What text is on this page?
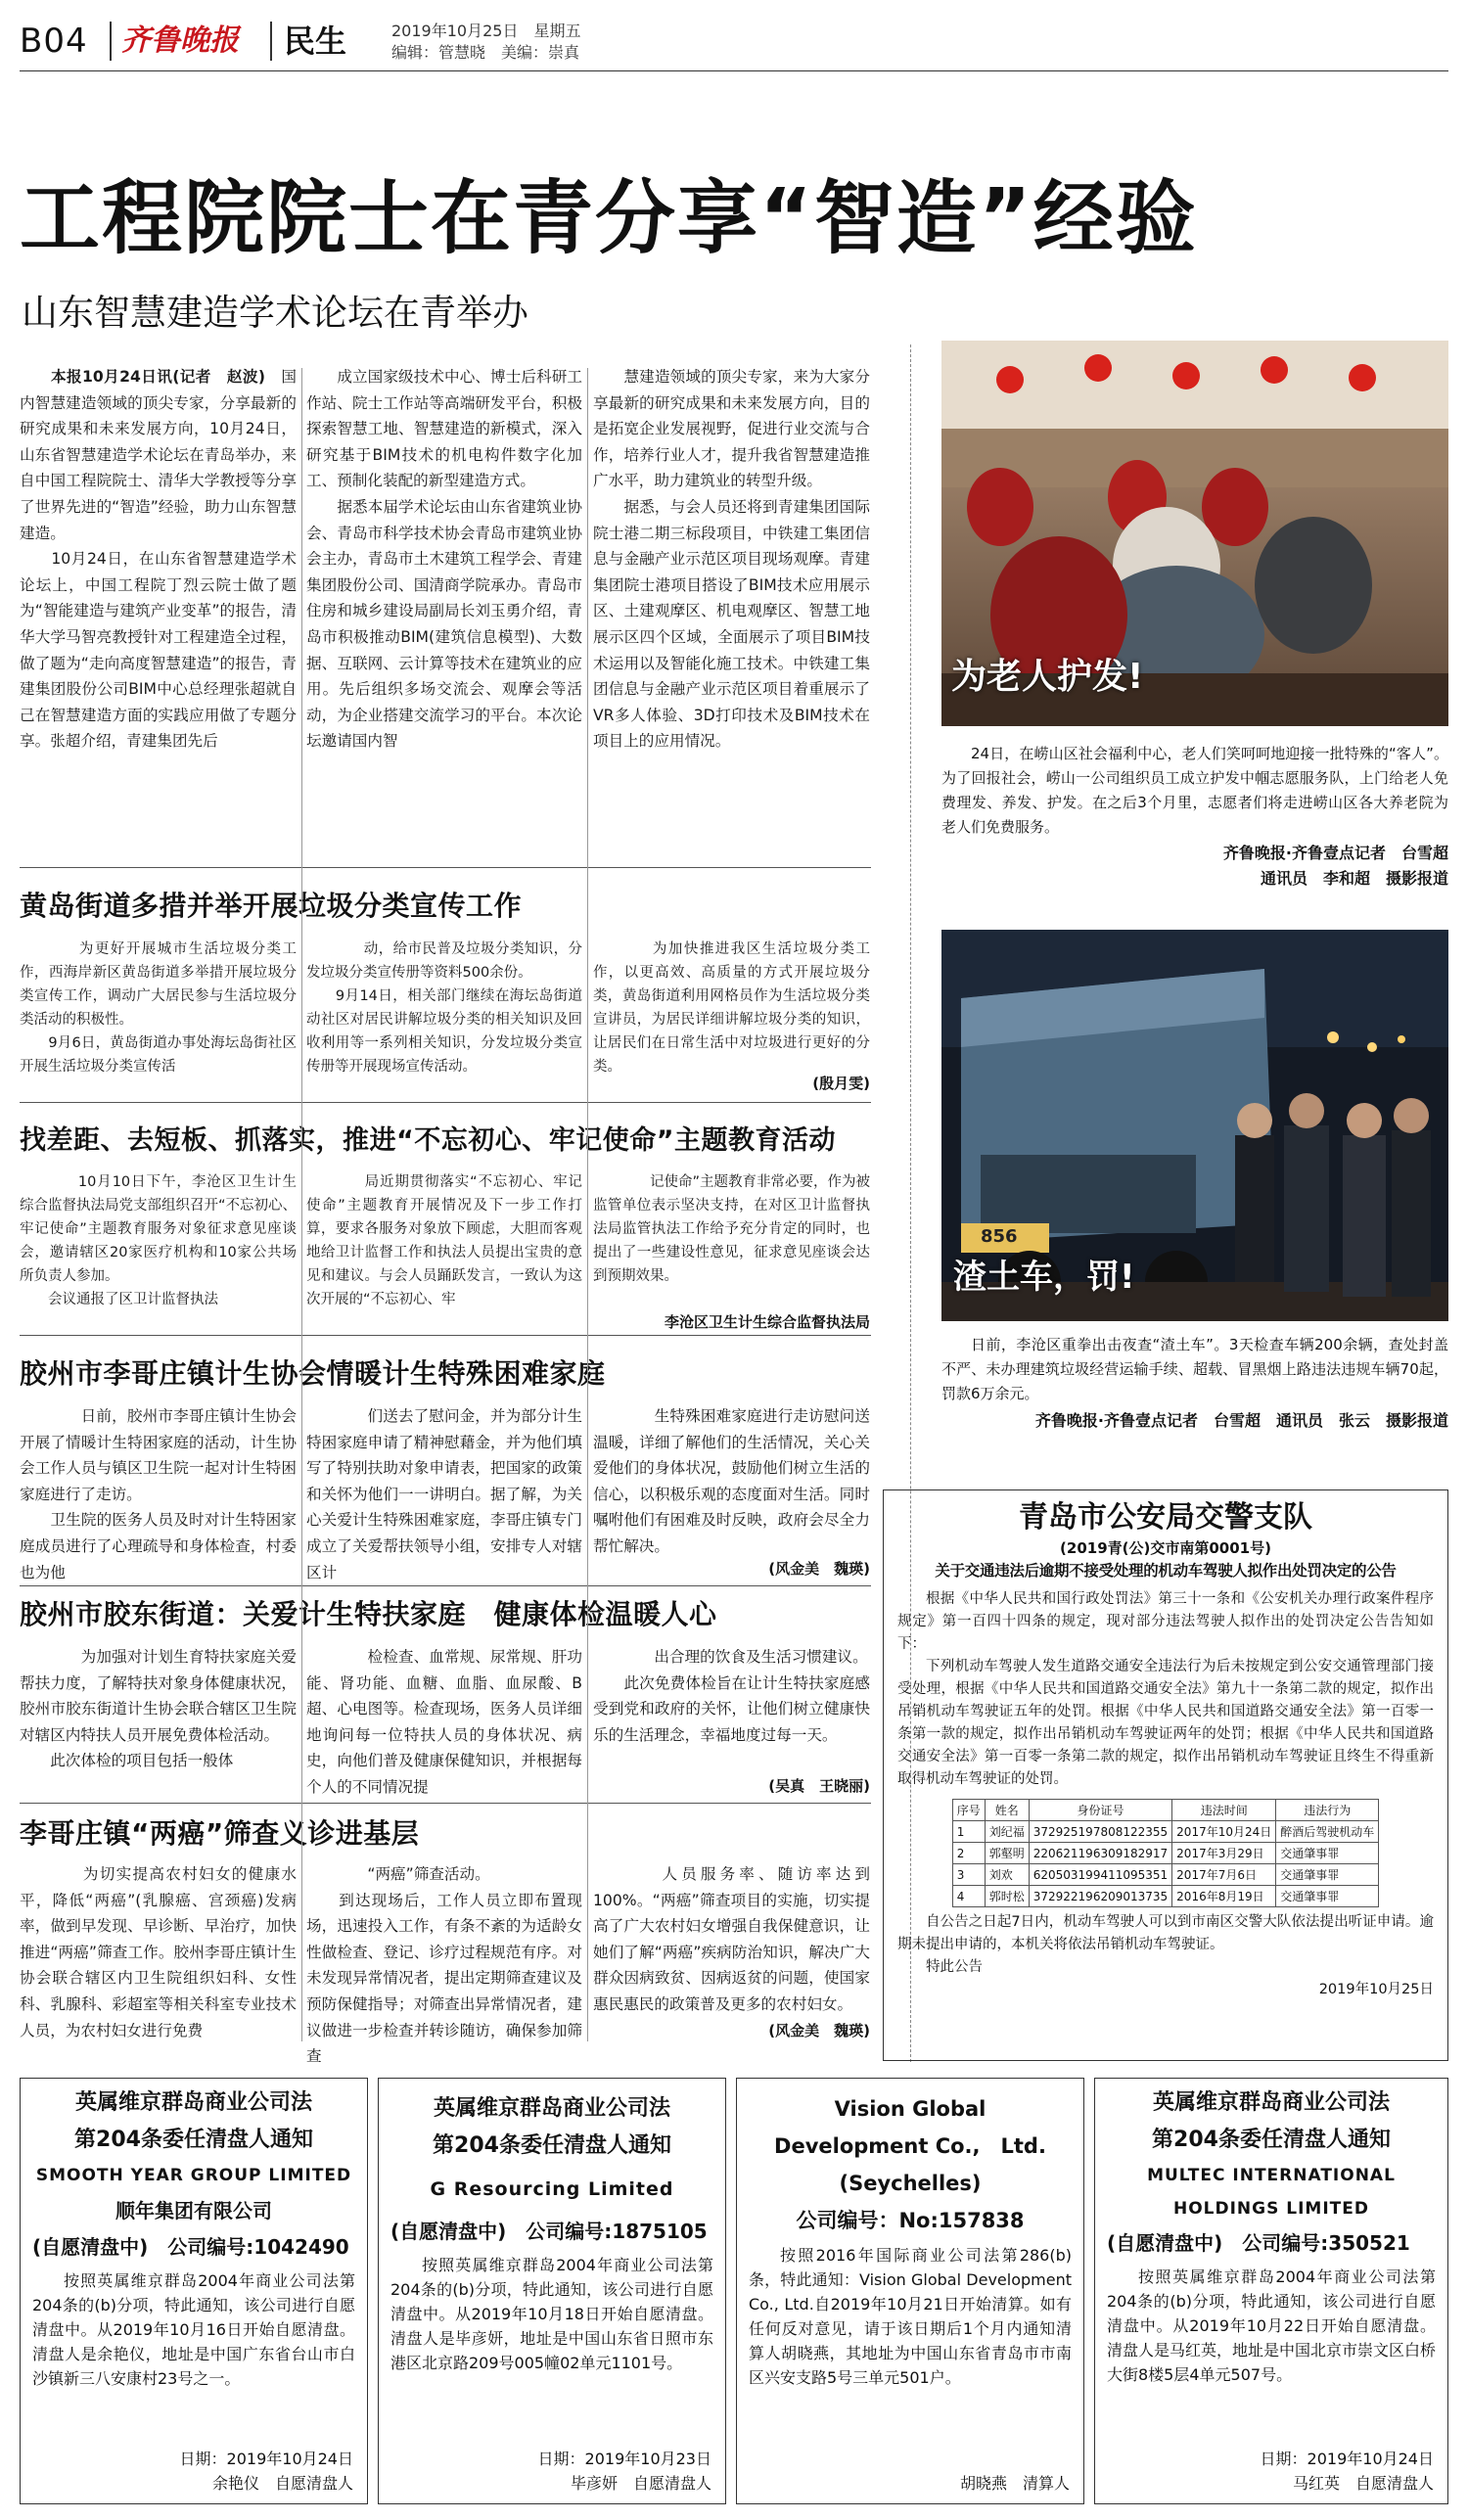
B04 齐鲁晚报 民生	2019年10月25日　星期五
编辑：管慧晓　美编：崇真
工程院院士在青分享“智造”经验
山东智慧建造学术论坛在青举办

　　本报10月24日讯(记者　赵波)　国内智慧建造领域的顶尖专家，分享最新的研究成果和未来发展方向，10月24日，山东省智慧建造学术论坛在青岛举办，来自中国工程院院士、清华大学教授等分享了世界先进的“智造”经验，助力山东智慧建造。
　　10月24日，在山东省智慧建造学术论坛上，中国工程院丁烈云院士做了题为“智能建造与建筑产业变革”的报告，清华大学马智亮教授针对工程建造全过程，做了题为“走向高度智慧建造”的报告，青建集团股份公司BIM中心总经理张超就自己在智慧建造方面的实践应用做了专题分享。张超介绍，青建集团先后

　　成立国家级技术中心、博士后科研工作站、院士工作站等高端研发平台，积极探索智慧工地、智慧建造的新模式，深入研究基于BIM技术的机电构件数字化加工、预制化装配的新型建造方式。
　　据悉本届学术论坛由山东省建筑业协会、青岛市科学技术协会青岛市建筑业协会主办，青岛市土木建筑工程学会、青建集团股份公司、国清商学院承办。青岛市住房和城乡建设局副局长刘玉勇介绍，青岛市积极推动BIM(建筑信息模型)、大数据、互联网、云计算等技术在建筑业的应用。先后组织多场交流会、观摩会等活动，为企业搭建交流学习的平台。本次论坛邀请国内智

　　慧建造领域的顶尖专家，来为大家分享最新的研究成果和未来发展方向，目的是拓宽企业发展视野，促进行业交流与合作，培养行业人才，提升我省智慧建造推广水平，助力建筑业的转型升级。
　　据悉，与会人员还将到青建集团国际院士港二期三标段项目，中铁建工集团信息与金融产业示范区项目现场观摩。青建集团院士港项目搭设了BIM技术应用展示区、土建观摩区、机电观摩区、智慧工地展示区四个区域，全面展示了项目BIM技术运用以及智能化施工技术。中铁建工集团信息与金融产业示范区项目着重展示了VR多人体验、3D打印技术及BIM技术在项目上的应用情况。

为老人护发!
24日，在崂山区社会福利中心，老人们笑呵呵地迎接一批特殊的“客人”。为了回报社会，崂山一公司组织员工成立护发中帼志愿服务队，上门给老人免费理发、养发、护发。在之后3个月里，志愿者们将走进崂山区各大养老院为老人们免费服务。
齐鲁晚报·齐鲁壹点记者　台雪超
通讯员　李和超　摄影报道
黄岛街道多措并举开展垃圾分类宣传工作

　　为更好开展城市生活垃圾分类工作，西海岸新区黄岛街道多举措开展垃圾分类宣传工作，调动广大居民参与生活垃圾分类活动的积极性。
　　9月6日，黄岛街道办事处海坛岛街社区开展生活垃圾分类宣传活

　　动，给市民普及垃圾分类知识，分发垃圾分类宣传册等资料500余份。
　　9月14日，相关部门继续在海坛岛街道动社区对居民讲解垃圾分类的相关知识及回收利用等一系列相关知识，分发垃圾分类宣传册等开展现场宣传活动。

　　为加快推进我区生活垃圾分类工作，以更高效、高质量的方式开展垃圾分类，黄岛街道利用网格员作为生活垃圾分类宣讲员，为居民详细讲解垃圾分类的知识，让居民们在日常生活中对垃圾进行更好的分类。

(殷月雯)
找差距、去短板、抓落实，推进“不忘初心、牢记使命”主题教育活动

　　10月10日下午，李沧区卫生计生综合监督执法局党支部组织召开“不忘初心、牢记使命”主题教育服务对象征求意见座谈会，邀请辖区20家医疗机构和10家公共场所负责人参加。
　　会议通报了区卫计监督执法

　　局近期贯彻落实“不忘初心、牢记使命”主题教育开展情况及下一步工作打算，要求各服务对象放下顾虑，大胆而客观地给卫计监督工作和执法人员提出宝贵的意见和建议。与会人员踊跃发言，一致认为这次开展的“不忘初心、牢

　　记使命”主题教育非常必要，作为被监管单位表示坚决支持，在对区卫计监督执法局监管执法工作给予充分肯定的同时，也提出了一些建设性意见，征求意见座谈会达到预期效果。

李沧区卫生计生综合监督执法局
856
渣土车，罚!
日前，李沧区重拳出击夜查“渣土车”。3天检查车辆200余辆，查处封盖不严、未办理建筑垃圾经营运输手续、超载、冒黑烟上路违法违规车辆70起，罚款6万余元。
齐鲁晚报·齐鲁壹点记者　台雪超　通讯员　张云　摄影报道
胶州市李哥庄镇计生协会情暖计生特殊困难家庭

　　日前，胶州市李哥庄镇计生协会开展了情暖计生特困家庭的活动，计生协会工作人员与镇区卫生院一起对计生特困家庭进行了走访。
　　卫生院的医务人员及时对计生特困家庭成员进行了心理疏导和身体检查，村委也为他

　　们送去了慰问金，并为部分计生特困家庭申请了精神慰藉金，并为他们填写了特别扶助对象申请表，把国家的政策和关怀为他们一一讲明白。据了解，为关心关爱计生特殊困难家庭，李哥庄镇专门成立了关爱帮扶领导小组，安排专人对辖区计

　　生特殊困难家庭进行走访慰问送温暖，详细了解他们的生活情况，关心关爱他们的身体状况，鼓励他们树立生活的信心，以积极乐观的态度面对生活。同时嘱咐他们有困难及时反映，政府会尽全力帮忙解决。

(风金美　魏瑛)
胶州市胶东街道：关爱计生特扶家庭　健康体检温暖人心

　　为加强对计划生育特扶家庭关爱帮扶力度，了解特扶对象身体健康状况，胶州市胶东街道计生协会联合辖区卫生院对辖区内特扶人员开展免费体检活动。
　　此次体检的项目包括一般体

　　检检查、血常规、尿常规、肝功能、肾功能、血糖、血脂、血尿酸、B超、心电图等。检查现场，医务人员详细地询问每一位特扶人员的身体状况、病史，向他们普及健康保健知识，并根据每个人的不同情况提

　　出合理的饮食及生活习惯建议。
　　此次免费体检旨在让计生特扶家庭感受到党和政府的关怀，让他们树立健康快乐的生活理念，幸福地度过每一天。

(吴真　王晓丽)
李哥庄镇“两癌”筛查义诊进基层

　　为切实提高农村妇女的健康水平，降低“两癌”(乳腺癌、宫颈癌)发病率，做到早发现、早诊断、早治疗，加快推进“两癌”筛查工作。胶州李哥庄镇计生协会联合辖区内卫生院组织妇科、女性科、乳腺科、彩超室等相关科室专业技术人员，为农村妇女进行免费

　　“两癌”筛查活动。
　　到达现场后，工作人员立即布置现场，迅速投入工作，有条不紊的为适龄女性做检查、登记、诊疗过程规范有序。对未发现异常情况者，提出定期筛查建议及预防保健指导；对筛查出异常情况者，建议做进一步检查并转诊随访，确保参加筛查

　　人员服务率、随访率达到100%。“两癌”筛查项目的实施，切实提高了广大农村妇女增强自我保健意识，让她们了解“两癌”疾病防治知识，解决广大群众因病致贫、因病返贫的问题，使国家惠民惠民的政策普及更多的农村妇女。

(风金美　魏瑛)
青岛市公安局交警支队
(2019青(公)交市南第0001号)
关于交通违法后逾期不接受处理的机动车驾驶人拟作出处罚决定的公告
根据《中华人民共和国行政处罚法》第三十一条和《公安机关办理行政案件程序规定》第一百四十四条的规定，现对部分违法驾驶人拟作出的处罚决定公告告知如下：
下列机动车驾驶人发生道路交通安全违法行为后未按规定到公安交通管理部门接受处理，根据《中华人民共和国道路交通安全法》第九十一条第二款的规定，拟作出吊销机动车驾驶证五年的处罚。根据《中华人民共和国道路交通安全法》第一百零一条第一款的规定，拟作出吊销机动车驾驶证两年的处罚；根据《中华人民共和国道路交通安全法》第一百零一条第二款的规定，拟作出吊销机动车驾驶证且终生不得重新取得机动车驾驶证的处罚。
序号	姓名	身份证号	违法时间	违法行为
1	刘纪福	372925197808122355	2017年10月24日	醉酒后驾驶机动车
2	郭壑明	220621196309182917	2017年3月29日	交通肇事罪
3	刘欢	620503199411095351	2017年7月6日	交通肇事罪
4	郭时松	372922196209013735	2016年8月19日	交通肇事罪
自公告之日起7日内，机动车驾驶人可以到市南区交警大队依法提出听证申请。逾期未提出申请的，本机关将依法吊销机动车驾驶证。
特此公告
2019年10月25日
英属维京群岛商业公司法
第204条委任清盘人通知
SMOOTH YEAR GROUP LIMITED
顺年集团有限公司
(自愿清盘中)　公司编号:1042490
按照英属维京群岛2004年商业公司法第204条的(b)分项，特此通知，该公司进行自愿清盘中。从2019年10月16日开始自愿清盘。清盘人是余艳仪，地址是中国广东省台山市白沙镇新三八安康村23号之一。
日期：2019年10月24日
余艳仪　自愿清盘人
英属维京群岛商业公司法
第204条委任清盘人通知
G Resourcing Limited
(自愿清盘中)　公司编号:1875105
按照英属维京群岛2004年商业公司法第204条的(b)分项，特此通知，该公司进行自愿清盘中。从2019年10月18日开始自愿清盘。清盘人是毕彦妍，地址是中国山东省日照市东港区北京路209号005幢02单元1101号。
日期：2019年10月23日
毕彦妍　自愿清盘人
Vision Global
Development Co.,　Ltd.
(Seychelles)
公司编号：No:157838
按照2016年国际商业公司法第286(b)条，特此通知：Vision Global Development Co., Ltd.自2019年10月21日开始清算。如有任何反对意见，请于该日期后1个月内通知清算人胡晓燕，其地址为中国山东省青岛市市南区兴安支路5号三单元501户。
胡晓燕　清算人
英属维京群岛商业公司法
第204条委任清盘人通知
MULTEC INTERNATIONAL
HOLDINGS LIMITED
(自愿清盘中)　公司编号:350521
按照英属维京群岛2004年商业公司法第204条的(b)分项，特此通知，该公司进行自愿清盘中。从2019年10月22日开始自愿清盘。清盘人是马红英，地址是中国北京市崇文区白桥大街8楼5层4单元507号。
日期：2019年10月24日
马红英　自愿清盘人
